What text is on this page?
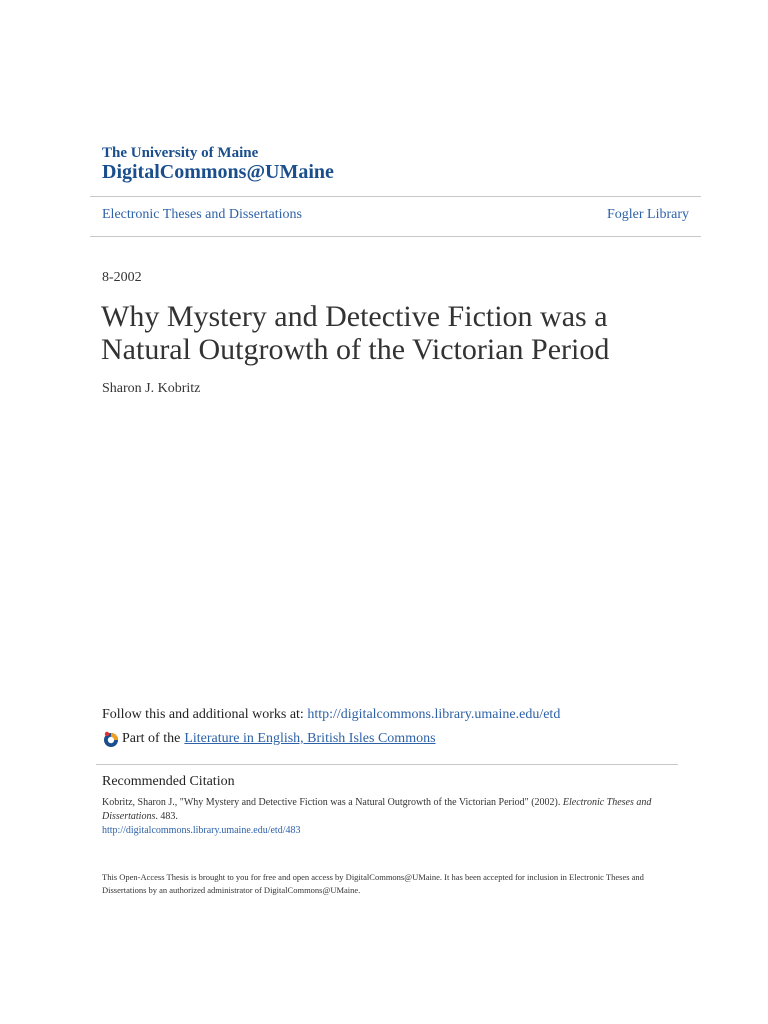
The University of Maine
DigitalCommons@UMaine
Electronic Theses and Dissertations	Fogler Library
8-2002
Why Mystery and Detective Fiction was a Natural Outgrowth of the Victorian Period
Sharon J. Kobritz
Follow this and additional works at: http://digitalcommons.library.umaine.edu/etd
Part of the Literature in English, British Isles Commons
Recommended Citation
Kobritz, Sharon J., "Why Mystery and Detective Fiction was a Natural Outgrowth of the Victorian Period" (2002). Electronic Theses and Dissertations. 483.
http://digitalcommons.library.umaine.edu/etd/483
This Open-Access Thesis is brought to you for free and open access by DigitalCommons@UMaine. It has been accepted for inclusion in Electronic Theses and Dissertations by an authorized administrator of DigitalCommons@UMaine.
